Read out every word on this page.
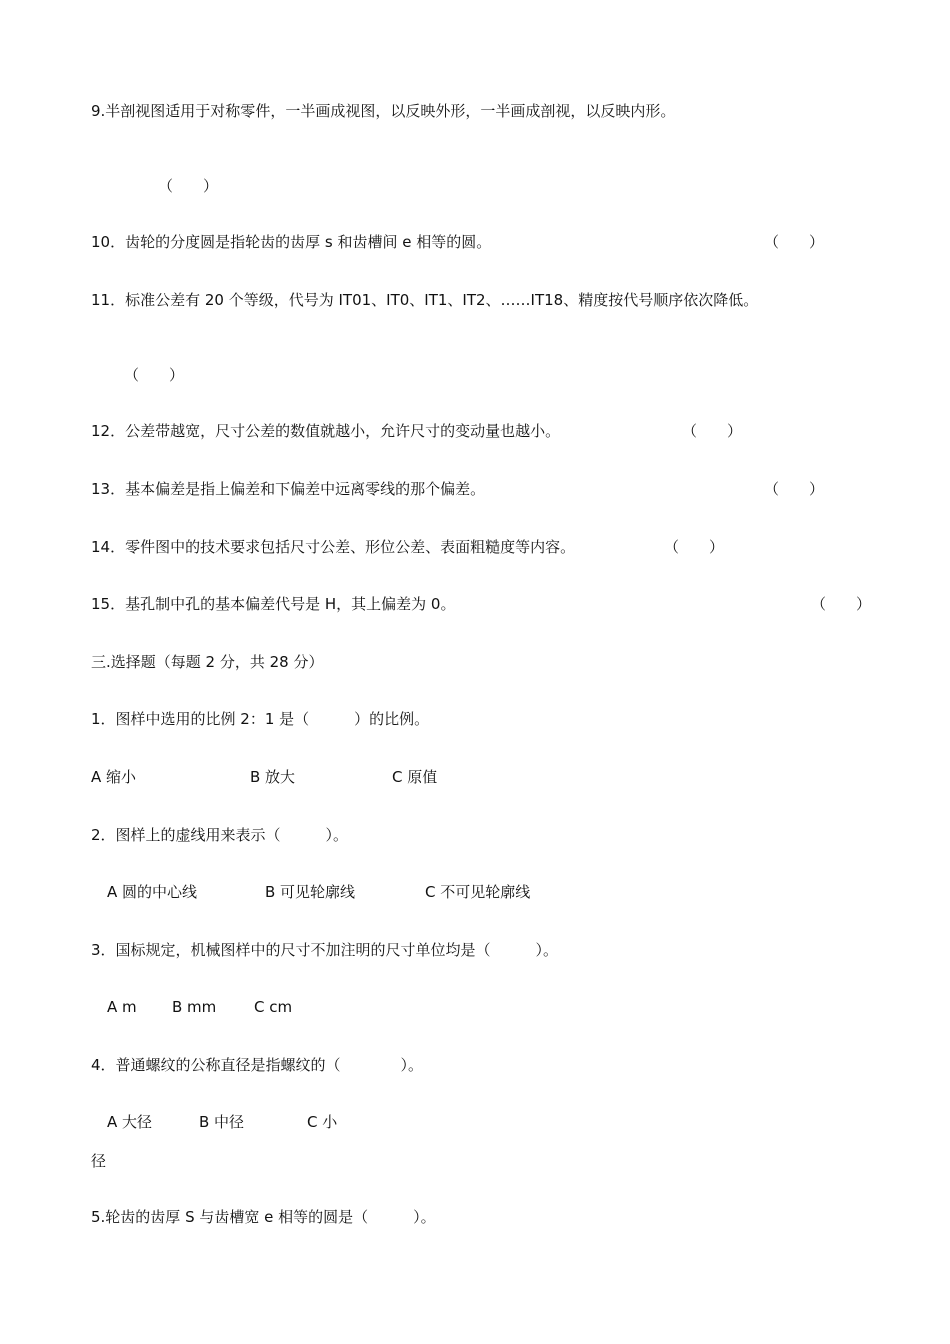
9.半剖视图适用于对称零件，一半画成视图，以反映外形，一半画成剖视，以反映内形。
（　　）
10．齿轮的分度圆是指轮齿的齿厚 s 和齿槽间 e 相等的圆。	（　　）
11．标准公差有 20 个等级，代号为 IT01、IT0、IT1、IT2、……IT18、精度按代号顺序依次降低。
（　　）
12．公差带越宽，尺寸公差的数值就越小，允许尺寸的变动量也越小。	（　　）
13．基本偏差是指上偏差和下偏差中远离零线的那个偏差。	（　　）
14．零件图中的技术要求包括尺寸公差、形位公差、表面粗糙度等内容。	（　　）
15．基孔制中孔的基本偏差代号是 H，其上偏差为 0。	（　　）
三.选择题（每题 2 分，共 28 分）
1．图样中选用的比例 2：1 是（　　　）的比例。
A 缩小	B 放大	C 原值
2．图样上的虚线用来表示（　　　）。
A 圆的中心线	B 可见轮廓线	C 不可见轮廓线
3．国标规定，机械图样中的尺寸不加注明的尺寸单位均是（　　　）。
A m B mm	C cm
4．普通螺纹的公称直径是指螺纹的（　　　　）。
A 大径	B 中径	C 小
径
5.轮齿的齿厚 S 与齿槽宽 e 相等的圆是（　　　）。
